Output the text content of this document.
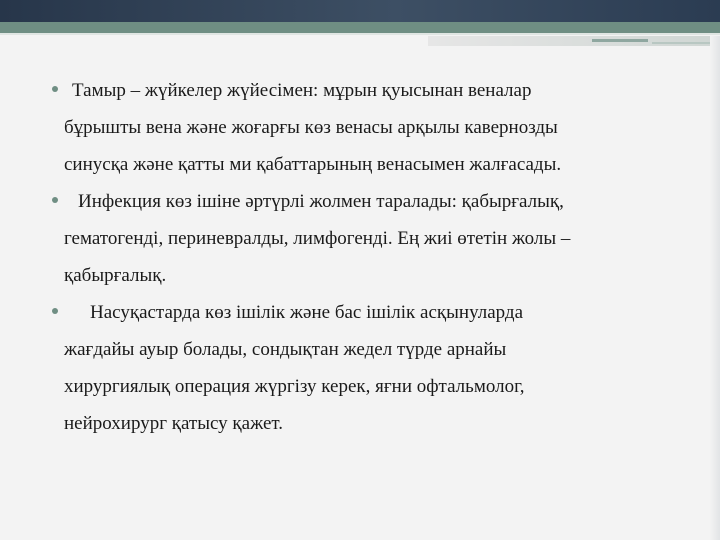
Тамыр – жүйкелер жүйесімен: мұрын қуысынан веналар
бұрышты вена және жоғарғы көз венасы арқылы кавернозды
синусқа және қатты ми қабаттарының венасымен жалғасады.
Инфекция көз ішіне әртүрлі жолмен таралады: қабырғалық,
гематогенді, периневралды, лимфогенді. Ең жиі өтетін жолы –
қабырғалық.
Насуқастарда көз ішілік және бас ішілік асқынуларда
жағдайы ауыр болады, сондықтан жедел түрде арнайы
хирургиялық операция жүргізу керек, яғни офтальмолог,
нейрохирург қатысу қажет.
